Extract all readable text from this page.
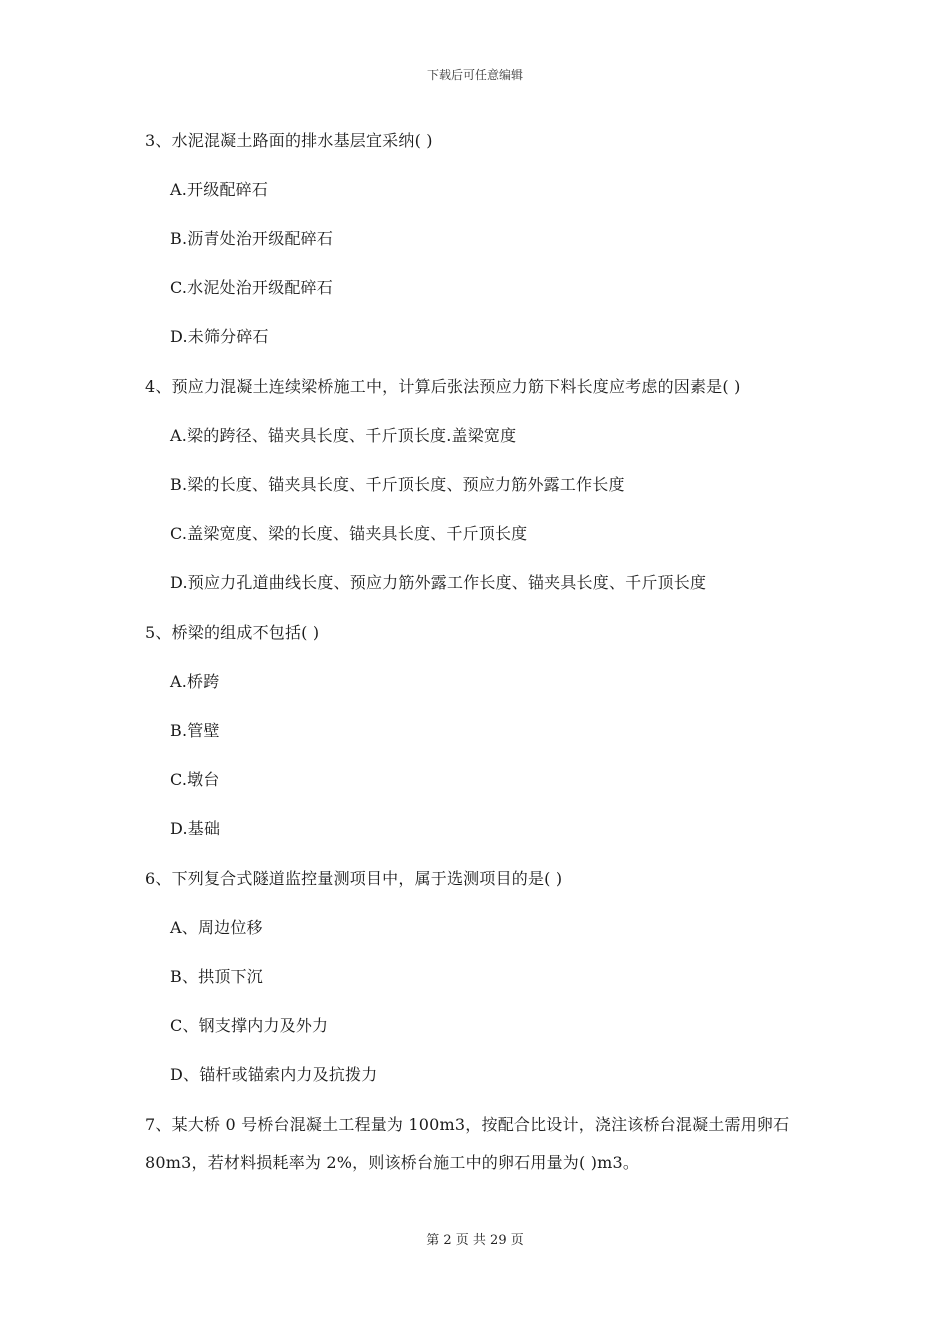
下载后可任意编辑
3、水泥混凝土路面的排水基层宜采纳( )
A.开级配碎石
B.沥青处治开级配碎石
C.水泥处治开级配碎石
D.未筛分碎石
4、预应力混凝土连续梁桥施工中，计算后张法预应力筋下料长度应考虑的因素是( )
A.梁的跨径、锚夹具长度、千斤顶长度.盖梁宽度
B.梁的长度、锚夹具长度、千斤顶长度、预应力筋外露工作长度
C.盖梁宽度、梁的长度、锚夹具长度、千斤顶长度
D.预应力孔道曲线长度、预应力筋外露工作长度、锚夹具长度、千斤顶长度
5、桥梁的组成不包括( )
A.桥跨
B.管壁
C.墩台
D.基础
6、下列复合式隧道监控量测项目中，属于选测项目的是( )
A、周边位移
B、拱顶下沉
C、钢支撑内力及外力
D、锚杆或锚索内力及抗拨力
7、某大桥 0 号桥台混凝土工程量为 100m3，按配合比设计，浇注该桥台混凝土需用卵石
80m3，若材料损耗率为 2%，则该桥台施工中的卵石用量为( )m3。
第 2 页 共 29 页
